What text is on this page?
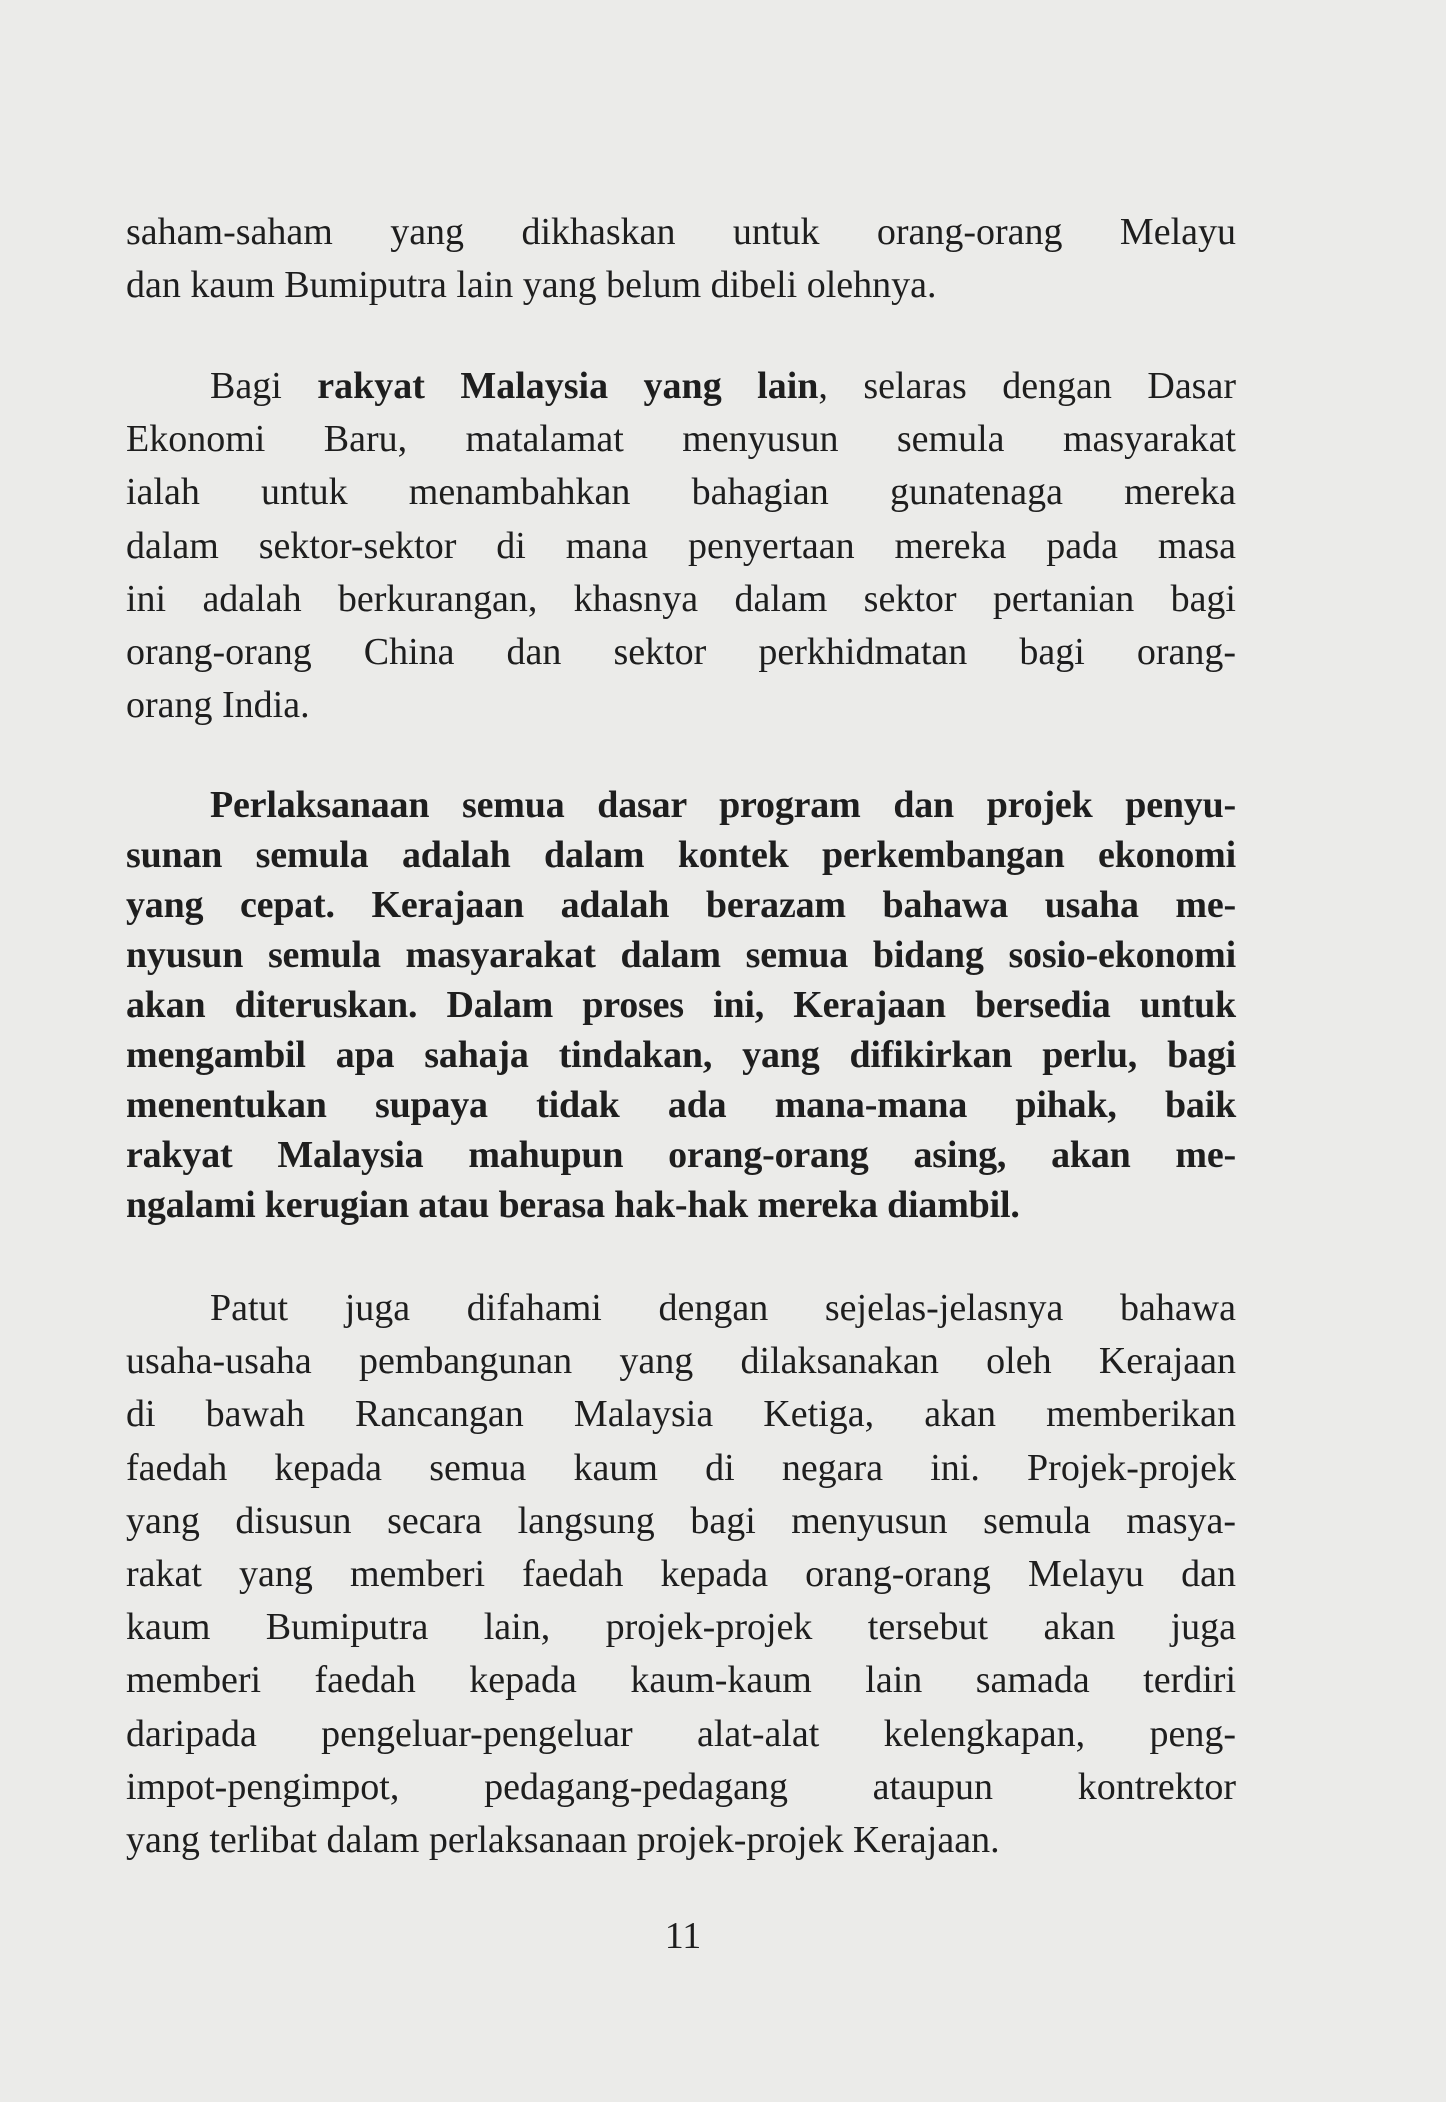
saham-saham yang dikhaskan untuk orang-orang Melayu
dan kaum Bumiputra lain yang belum dibeli olehnya.

Bagi rakyat Malaysia yang lain, selaras dengan Dasar
Ekonomi Baru, matalamat menyusun semula masyarakat
ialah untuk menambahkan bahagian gunatenaga mereka
dalam sektor-sektor di mana penyertaan mereka pada masa
ini adalah berkurangan, khasnya dalam sektor pertanian bagi
orang-orang China dan sektor perkhidmatan bagi orang-
orang India.

Perlaksanaan semua dasar program dan projek penyu-
sunan semula adalah dalam kontek perkembangan ekonomi
yang cepat. Kerajaan adalah berazam bahawa usaha me-
nyusun semula masyarakat dalam semua bidang sosio-ekonomi
akan diteruskan. Dalam proses ini, Kerajaan bersedia untuk
mengambil apa sahaja tindakan, yang difikirkan perlu, bagi
menentukan supaya tidak ada mana-mana pihak, baik
rakyat Malaysia mahupun orang-orang asing, akan me-
ngalami kerugian atau berasa hak-hak mereka diambil.

Patut juga difahami dengan sejelas-jelasnya bahawa
usaha-usaha pembangunan yang dilaksanakan oleh Kerajaan
di bawah Rancangan Malaysia Ketiga, akan memberikan
faedah kepada semua kaum di negara ini. Projek-projek
yang disusun secara langsung bagi menyusun semula masya-
rakat yang memberi faedah kepada orang-orang Melayu dan
kaum Bumiputra lain, projek-projek tersebut akan juga
memberi faedah kepada kaum-kaum lain samada terdiri
daripada pengeluar-pengeluar alat-alat kelengkapan, peng-
impot-pengimpot, pedagang-pedagang ataupun kontrektor
yang terlibat dalam perlaksanaan projek-projek Kerajaan.

11
